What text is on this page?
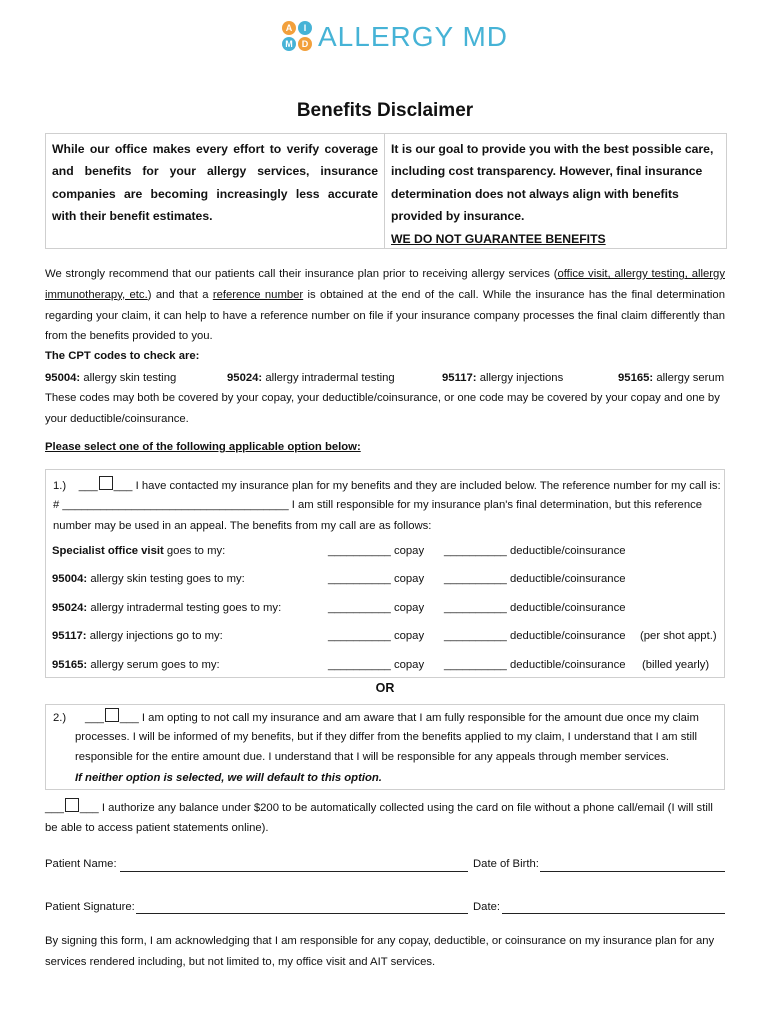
A	I
M	D ALLERGY MD
Benefits Disclaimer
While our office makes every effort to verify coverage and benefits for your allergy services, insurance companies are becoming increasingly less accurate with their benefit estimates.
It is our goal to provide you with the best possible care, including cost transparency. However, final insurance determination does not always align with benefits provided by insurance.
WE DO NOT GUARANTEE BENEFITS
We strongly recommend that our patients call their insurance plan prior to receiving allergy services (office visit, allergy testing, allergy immunotherapy, etc.) and that a reference number is obtained at the end of the call. While the insurance has the final determination regarding your claim, it can help to have a reference number on file if your insurance company processes the final claim differently than from the benefits provided to you.
The CPT codes to check are:
95004: allergy skin testing	95024: allergy intradermal testing	95117: allergy injections	95165: allergy serum
These codes may both be covered by your copay, your deductible/coinsurance, or one code may be covered by your copay and one by your deductible/coinsurance.
Please select one of the following applicable option below:
1.) ___ ___ I have contacted my insurance plan for my benefits and they are included below. The reference number for my call is:
# ____________________________________ I am still responsible for my insurance plan's final determination, but this reference
number may be used in an appeal. The benefits from my call are as follows:
Specialist office visit goes to my:	__________ copay __________ deductible/coinsurance
95004: allergy skin testing goes to my:	__________ copay __________ deductible/coinsurance
95024: allergy intradermal testing goes to my:	__________ copay __________ deductible/coinsurance
95117: allergy injections go to my:	__________ copay __________ deductible/coinsurance (per shot appt.)
95165: allergy serum goes to my:	__________ copay __________ deductible/coinsurance (billed yearly)
OR
2.) ___ ___ I am opting to not call my insurance and am aware that I am fully responsible for the amount due once my claim
processes. I will be informed of my benefits, but if they differ from the benefits applied to my claim, I understand that I am still
responsible for the entire amount due. I understand that I will be responsible for any appeals through member services.
If neither option is selected, we will default to this option.
___ ___ I authorize any balance under $200 to be automatically collected using the card on file without a phone call/email (I will still
be able to access patient statements online).
Patient Name:	Date of Birth:
Patient Signature:	Date:
By signing this form, I am acknowledging that I am responsible for any copay, deductible, or coinsurance on my insurance plan for any services rendered including, but not limited to, my office visit and AIT services.
